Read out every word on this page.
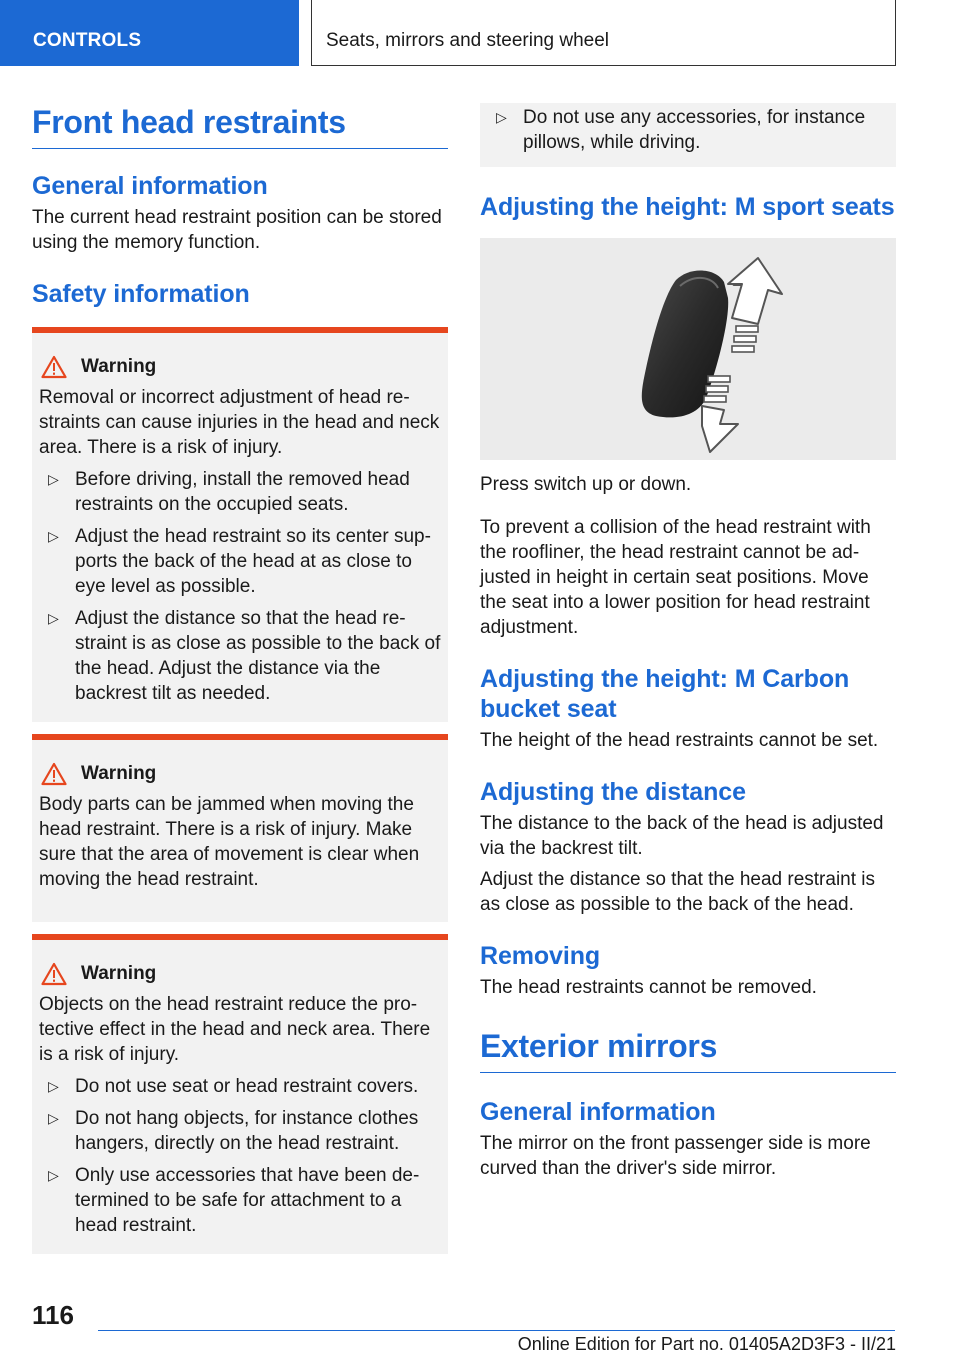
CONTROLS	Seats, mirrors and steering wheel
Front head restraints
General information

The current head restraint position can be stored using the memory function.

Safety information
Warning

Removal or incorrect adjustment of head restraints can cause injuries in the head and neck area. There is a risk of injury.

▷ Before driving, install the removed head restraints on the occupied seats.
▷ Adjust the head restraint so its center supports the back of the head at as close to eye level as possible.
▷ Adjust the distance so that the head restraint is as close as possible to the back of the head. Adjust the distance via the backrest tilt as needed.
Warning

Body parts can be jammed when moving the head restraint. There is a risk of injury. Make sure that the area of movement is clear when moving the head restraint.

Warning

Objects on the head restraint reduce the protective effect in the head and neck area. There is a risk of injury.

▷ Do not use seat or head restraint covers.
▷ Do not hang objects, for instance clothes hangers, directly on the head restraint.
▷ Only use accessories that have been determined to be safe for attachment to a head restraint.
▷ Do not use any accessories, for instance pillows, while driving.
Adjusting the height: M sport seats

Press switch up or down.

To prevent a collision of the head restraint with the roofliner, the head restraint cannot be adjusted in height in certain seat positions. Move the seat into a lower position for head restraint adjustment.

Adjusting the height: M Carbon bucket seat

The height of the head restraints cannot be set.

Adjusting the distance

The distance to the back of the head is adjusted via the backrest tilt.

Adjust the distance so that the head restraint is as close as possible to the back of the head.

Removing

The head restraints cannot be removed.

Exterior mirrors
General information

The mirror on the front passenger side is more curved than the driver's side mirror.

116
Online Edition for Part no. 01405A2D3F3 - II/21
